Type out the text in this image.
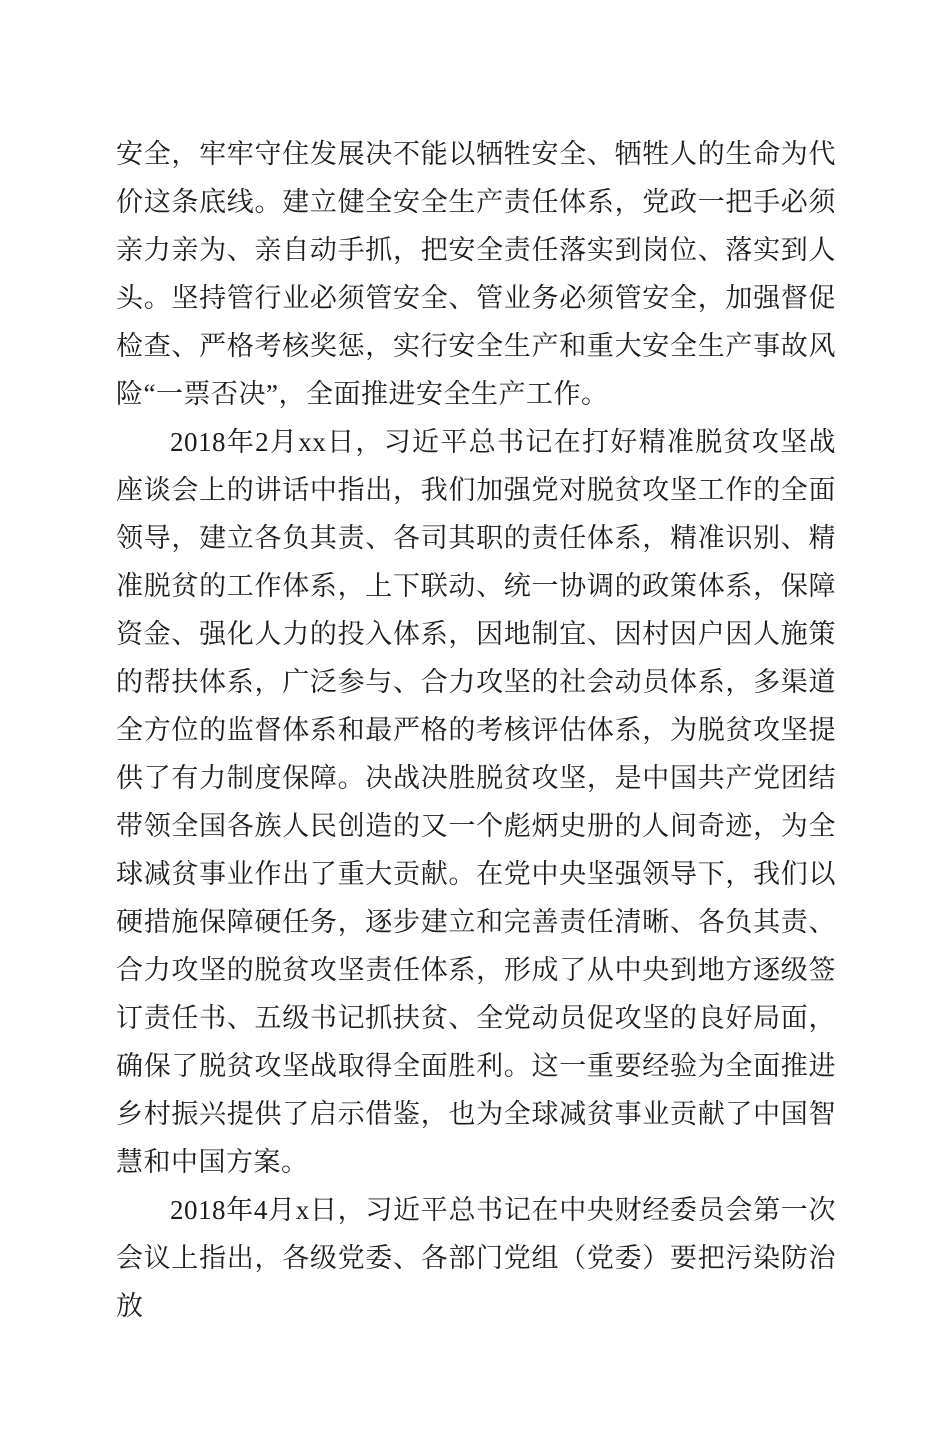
安全，牢牢守住发展决不能以牺牲安全、牺牲人的生命为代价这条底线。建立健全安全生产责任体系，党政一把手必须亲力亲为、亲自动手抓，把安全责任落实到岗位、落实到人头。坚持管行业必须管安全、管业务必须管安全，加强督促检查、严格考核奖惩，实行安全生产和重大安全生产事故风险“一票否决”，全面推进安全生产工作。

2018年2月xx日，习近平总书记在打好精准脱贫攻坚战座谈会上的讲话中指出，我们加强党对脱贫攻坚工作的全面领导，建立各负其责、各司其职的责任体系，精准识别、精准脱贫的工作体系，上下联动、统一协调的政策体系，保障资金、强化人力的投入体系，因地制宜、因村因户因人施策的帮扶体系，广泛参与、合力攻坚的社会动员体系，多渠道全方位的监督体系和最严格的考核评估体系，为脱贫攻坚提供了有力制度保障。决战决胜脱贫攻坚，是中国共产党团结带领全国各族人民创造的又一个彪炳史册的人间奇迹，为全球减贫事业作出了重大贡献。在党中央坚强领导下，我们以硬措施保障硬任务，逐步建立和完善责任清晰、各负其责、合力攻坚的脱贫攻坚责任体系，形成了从中央到地方逐级签订责任书、五级书记抓扶贫、全党动员促攻坚的良好局面，确保了脱贫攻坚战取得全面胜利。这一重要经验为全面推进乡村振兴提供了启示借鉴，也为全球减贫事业贡献了中国智慧和中国方案。

2018年4月x日，习近平总书记在中央财经委员会第一次会议上指出，各级党委、各部门党组（党委）要把污染防治放
